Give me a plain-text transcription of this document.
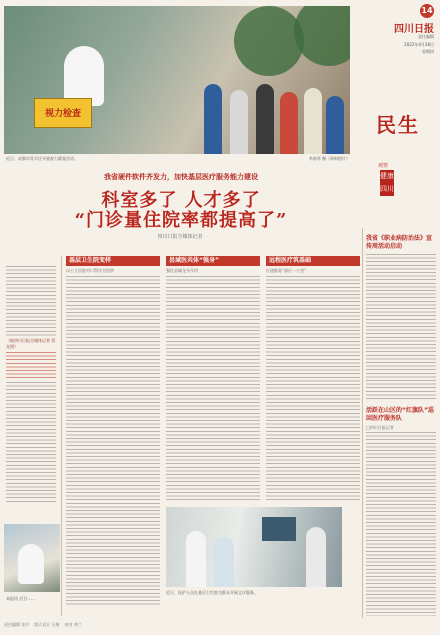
视力检查
近日，成都市青羊区开展视力筛查活动。	李春华 摄（资料图片）
14
四川日报
责任编辑
2022年4月28日
星期四
民生
观察
健康四川
我省硬件软件齐发力，加快基层医疗服务能力建设
科室多了 人才多了
“门诊量住院率都提高了”
四川日报全媒体记者
（据四川日报全媒体记者 蔡光照）
本报讯 近日……
基层卫生院变样
以公立医院对口帮扶为纽带
县域医共体“强身”
强化县域龙头作用
远程医疗筑基础
打通服务“最后一公里”
近日，医护人员在基层卫生院为群众开展义诊服务。
我省《职业病防治法》宣传周活动启动
活跃在山区的“红旗队”巡回医疗服务队
□四川日报记者
责任编辑 张玲 版式设计 汪敏 校对 黄兰
